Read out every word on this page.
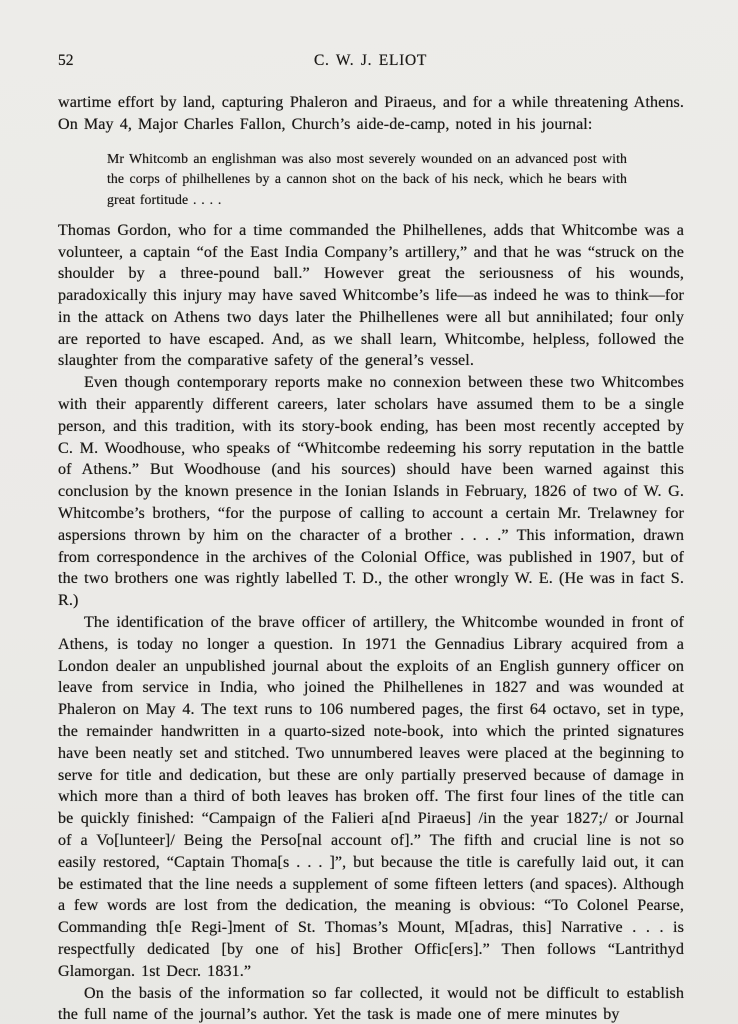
52	C. W. J. ELIOT

wartime effort by land, capturing Phaleron and Piraeus, and for a while threatening Athens. On May 4, Major Charles Fallon, Church’s aide-de-camp, noted in his journal:

Mr Whitcomb an englishman was also most severely wounded on an advanced post with the corps of philhellenes by a cannon shot on the back of his neck, which he bears with great fortitude . . . .

Thomas Gordon, who for a time commanded the Philhellenes, adds that Whitcombe was a volunteer, a captain “of the East India Company’s artillery,” and that he was “struck on the shoulder by a three-pound ball.” However great the seriousness of his wounds, paradoxically this injury may have saved Whitcombe’s life—as indeed he was to think—for in the attack on Athens two days later the Philhellenes were all but annihilated; four only are reported to have escaped. And, as we shall learn, Whitcombe, helpless, followed the slaughter from the comparative safety of the general’s vessel.

Even though contemporary reports make no connexion between these two Whitcombes with their apparently different careers, later scholars have assumed them to be a single person, and this tradition, with its story-book ending, has been most recently accepted by C. M. Woodhouse, who speaks of “Whitcombe redeeming his sorry reputation in the battle of Athens.” But Woodhouse (and his sources) should have been warned against this conclusion by the known presence in the Ionian Islands in February, 1826 of two of W. G. Whitcombe’s brothers, “for the purpose of calling to account a certain Mr. Trelawney for aspersions thrown by him on the character of a brother . . . .” This information, drawn from correspondence in the archives of the Colonial Office, was published in 1907, but of the two brothers one was rightly labelled T. D., the other wrongly W. E. (He was in fact S. R.)

The identification of the brave officer of artillery, the Whitcombe wounded in front of Athens, is today no longer a question. In 1971 the Gennadius Library acquired from a London dealer an unpublished journal about the exploits of an English gunnery officer on leave from service in India, who joined the Philhellenes in 1827 and was wounded at Phaleron on May 4. The text runs to 106 numbered pages, the first 64 octavo, set in type, the remainder handwritten in a quarto-sized note-book, into which the printed signatures have been neatly set and stitched. Two unnumbered leaves were placed at the beginning to serve for title and dedication, but these are only partially preserved because of damage in which more than a third of both leaves has broken off. The first four lines of the title can be quickly finished: “Campaign of the Falieri a[nd Piraeus] /in the year 1827;/ or Journal of a Vo[lunteer]/ Being the Perso[nal account of].” The fifth and crucial line is not so easily restored, “Captain Thoma[s . . . ]”, but because the title is carefully laid out, it can be estimated that the line needs a supplement of some fifteen letters (and spaces). Although a few words are lost from the dedication, the meaning is obvious: “To Colonel Pearse, Commanding th[e Regi-]ment of St. Thomas’s Mount, M[adras, this] Narrative . . . is respectfully dedicated [by one of his] Brother Offic[ers].” Then follows “Lantrithyd Glamorgan. 1st Decr. 1831.”

On the basis of the information so far collected, it would not be difficult to establish the full name of the journal’s author. Yet the task is made one of mere minutes by
